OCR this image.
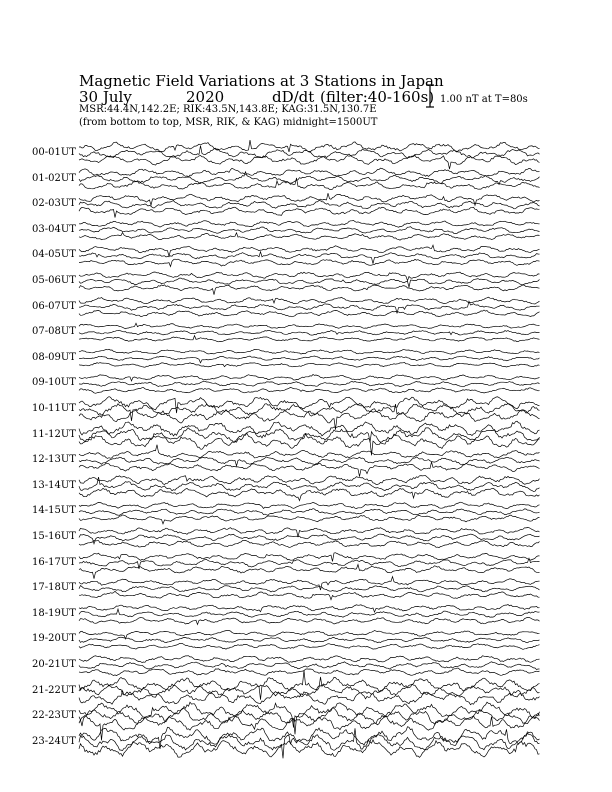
Magnetic Field Variations at 3 Stations in Japan
30 July	2020	dD/dt (filter:40-160s)
MSR:44.4N,142.2E; RIK:43.5N,143.8E; KAG:31.5N,130.7E
(from bottom to top, MSR, RIK, & KAG) midnight=1500UT
1.00 nT at T=80s
00-01UT
01-02UT
02-03UT
03-04UT
04-05UT
05-06UT
06-07UT
07-08UT
08-09UT
09-10UT
10-11UT
11-12UT
12-13UT
13-14UT
14-15UT
15-16UT
16-17UT
17-18UT
18-19UT
19-20UT
20-21UT
21-22UT
22-23UT
23-24UT
